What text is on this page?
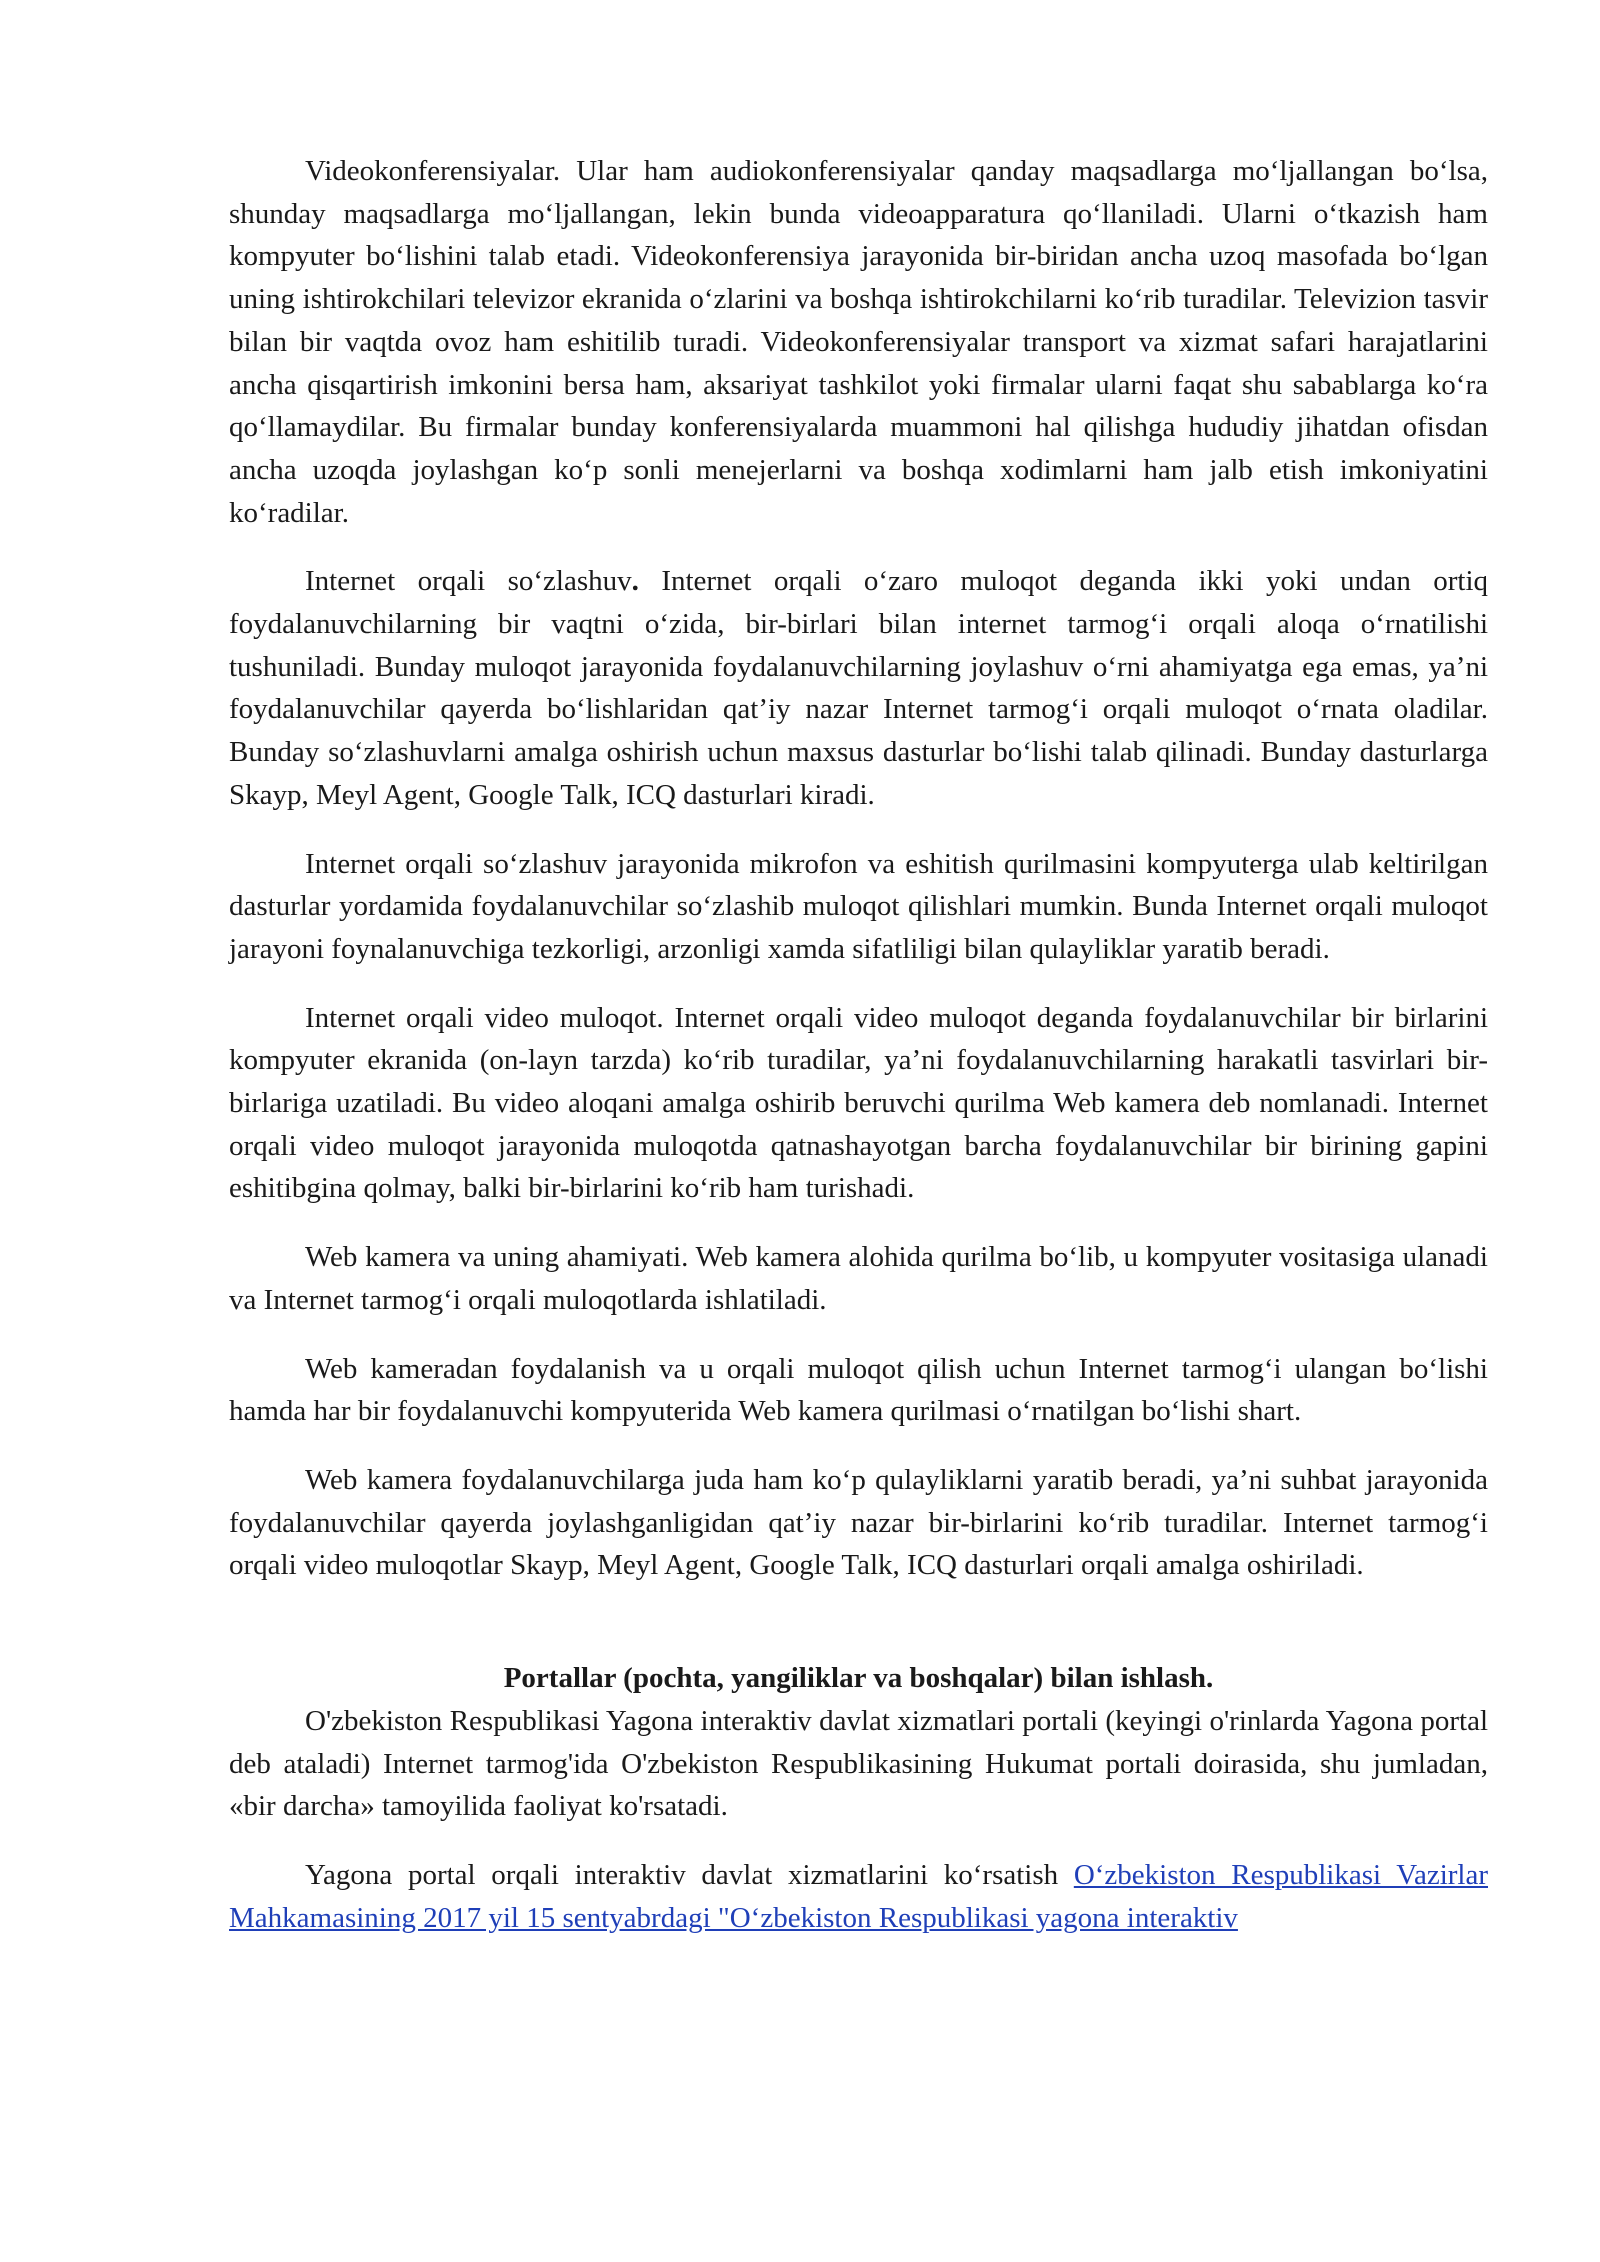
Videokonferensiyalar. Ular ham audiokonferensiyalar qanday maqsadlarga moʻljallangan boʻlsa, shunday maqsadlarga moʻljallangan, lekin bunda videoapparatura qoʻllaniladi. Ularni oʻtkazish ham kompyuter boʻlishini talab etadi. Videokonferensiya jarayonida bir-biridan ancha uzoq masofada boʻlgan uning ishtirokchilari televizor ekranida oʻzlarini va boshqa ishtirokchilarni koʻrib turadilar. Televizion tasvir bilan bir vaqtda ovoz ham eshitilib turadi. Videokonferensiyalar transport va xizmat safari harajatlarini ancha qisqartirish imkonini bersa ham, aksariyat tashkilot yoki firmalar ularni faqat shu sabablarga koʻra qoʻllamaydilar. Bu firmalar bunday konferensiyalarda muammoni hal qilishga hududiy jihatdan ofisdan ancha uzoqda joylashgan koʻp sonli menejerlarni va boshqa xodimlarni ham jalb etish imkoniyatini koʻradilar.

Internet orqali soʻzlashuv. Internet orqali oʻzaro muloqot deganda ikki yoki undan ortiq foydalanuvchilarning bir vaqtni oʻzida, bir-birlari bilan internet tarmogʻi orqali aloqa oʻrnatilishi tushuniladi. Bunday muloqot jarayonida foydalanuvchilarning joylashuv oʻrni ahamiyatga ega emas, ya’ni foydalanuvchilar qayerda boʻlishlaridan qat’iy nazar Internet tarmogʻi orqali muloqot oʻrnata oladilar. Bunday soʻzlashuvlarni amalga oshirish uchun maxsus dasturlar boʻlishi talab qilinadi. Bunday dasturlarga Skayp, Meyl Agent, Google Talk, ICQ dasturlari kiradi.

Internet orqali soʻzlashuv jarayonida mikrofon va eshitish qurilmasini kompyuterga ulab keltirilgan dasturlar yordamida foydalanuvchilar soʻzlashib muloqot qilishlari mumkin. Bunda Internet orqali muloqot jarayoni foynalanuvchiga tezkorligi, arzonligi xamda sifatliligi bilan qulayliklar yaratib beradi.

Internet orqali video muloqot. Internet orqali video muloqot deganda foydalanuvchilar bir birlarini kompyuter ekranida (on-layn tarzda) koʻrib turadilar, ya’ni foydalanuvchilarning harakatli tasvirlari bir-birlariga uzatiladi. Bu video aloqani amalga oshirib beruvchi qurilma Web kamera deb nomlanadi. Internet orqali video muloqot jarayonida muloqotda qatnashayotgan barcha foydalanuvchilar bir birining gapini eshitibgina qolmay, balki bir-birlarini koʻrib ham turishadi.

Web kamera va uning ahamiyati. Web kamera alohida qurilma boʻlib, u kompyuter vositasiga ulanadi va Internet tarmogʻi orqali muloqotlarda ishlatiladi.

Web kameradan foydalanish va u orqali muloqot qilish uchun Internet tarmogʻi ulangan boʻlishi hamda har bir foydalanuvchi kompyuterida Web kamera qurilmasi oʻrnatilgan boʻlishi shart.

Web kamera foydalanuvchilarga juda ham koʻp qulayliklarni yaratib beradi, ya’ni suhbat jarayonida foydalanuvchilar qayerda joylashganligidan qat’iy nazar bir-birlarini koʻrib turadilar. Internet tarmogʻi orqali video muloqotlar Skayp, Meyl Agent, Google Talk, ICQ dasturlari orqali amalga oshiriladi.

Portallar (pochta, yangiliklar va boshqalar) bilan ishlash.

O'zbekiston Respublikasi Yagona interaktiv davlat xizmatlari portali (keyingi o'rinlarda Yagona portal deb ataladi) Internet tarmog'ida O'zbekiston Respublikasining Hukumat portali doirasida, shu jumladan, «bir darcha» tamoyilida faoliyat ko'rsatadi.

Yagona portal orqali interaktiv davlat xizmatlarini koʻrsatish Oʻzbekiston Respublikasi Vazirlar Mahkamasining 2017 yil 15 sentyabrdagi "Oʻzbekiston Respublikasi yagona interaktiv
